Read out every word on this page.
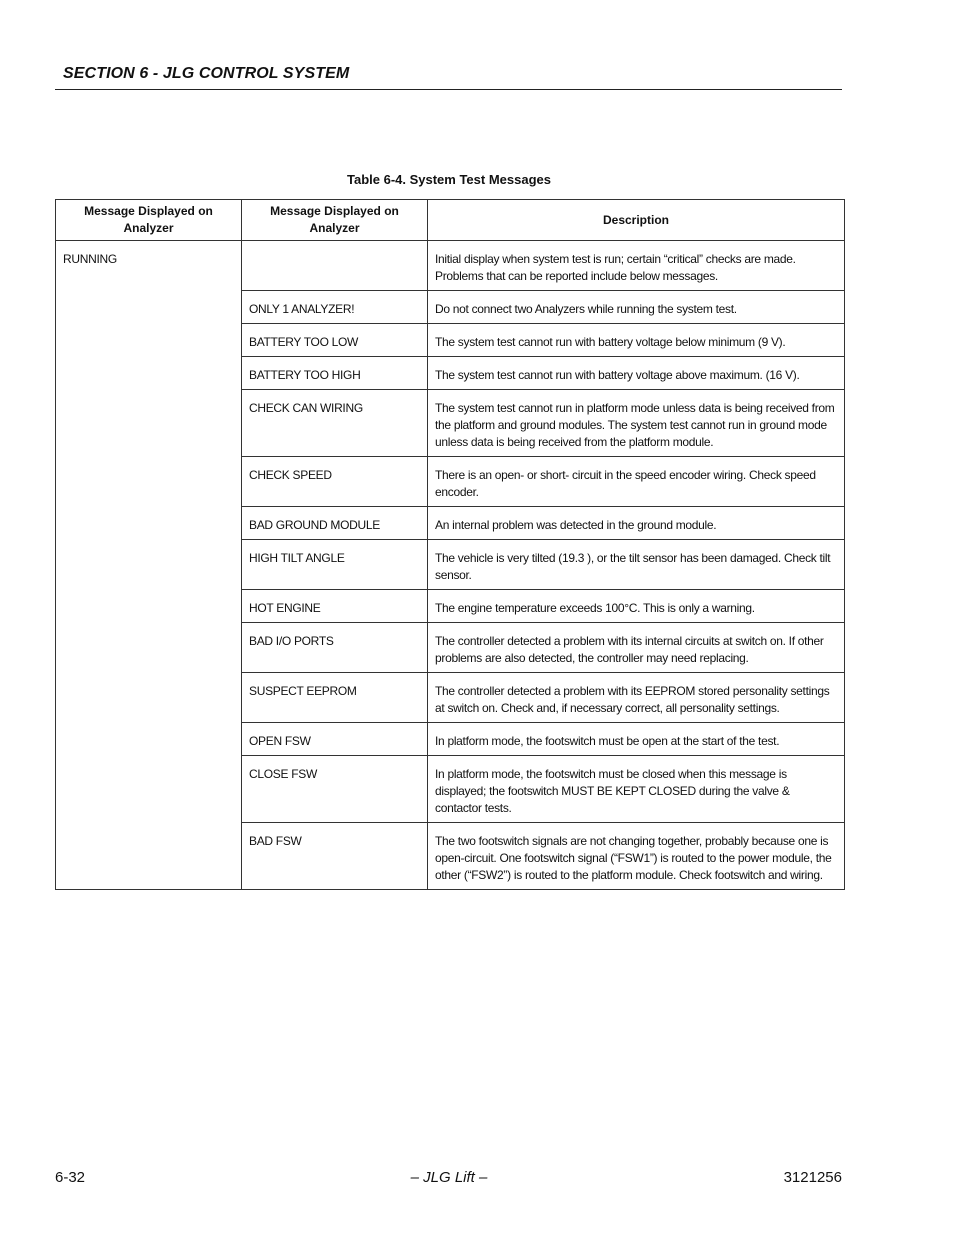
SECTION 6 - JLG CONTROL SYSTEM
Table 6-4. System Test Messages
Message Displayed on Analyzer	Message Displayed on Analyzer	Description
RUNNING		Initial display when system test is run; certain “critical” checks are made. Problems that can be reported include below messages.
	ONLY 1 ANALYZER!	Do not connect two Analyzers while running the system test.
	BATTERY TOO LOW	The system test cannot run with battery voltage below minimum (9 V).
	BATTERY TOO HIGH	The system test cannot run with battery voltage above maximum. (16 V).
	CHECK CAN WIRING	The system test cannot run in platform mode unless data is being received from the platform and ground modules. The system test cannot run in ground mode unless data is being received from the platform module.
	CHECK SPEED	There is an open- or short- circuit in the speed encoder wiring. Check speed encoder.
	BAD GROUND MODULE	An internal problem was detected in the ground module.
	HIGH TILT ANGLE	The vehicle is very tilted (19.3 ), or the tilt sensor has been damaged. Check tilt sensor.
	HOT ENGINE	The engine temperature exceeds 100°C. This is only a warning.
	BAD I/O PORTS	The controller detected a problem with its internal circuits at switch on. If other problems are also detected, the controller may need replacing.
	SUSPECT EEPROM	The controller detected a problem with its EEPROM stored personality settings at switch on. Check and, if necessary correct, all personality settings.
	OPEN FSW	In platform mode, the footswitch must be open at the start of the test.
	CLOSE FSW	In platform mode, the footswitch must be closed when this message is displayed; the footswitch MUST BE KEPT CLOSED during the valve & contactor tests.
	BAD FSW	The two footswitch signals are not changing together, probably because one is open-circuit. One footswitch signal (“FSW1”) is routed to the power module, the other (“FSW2”) is routed to the platform module. Check footswitch and wiring.
6-32	– JLG Lift –	3121256
